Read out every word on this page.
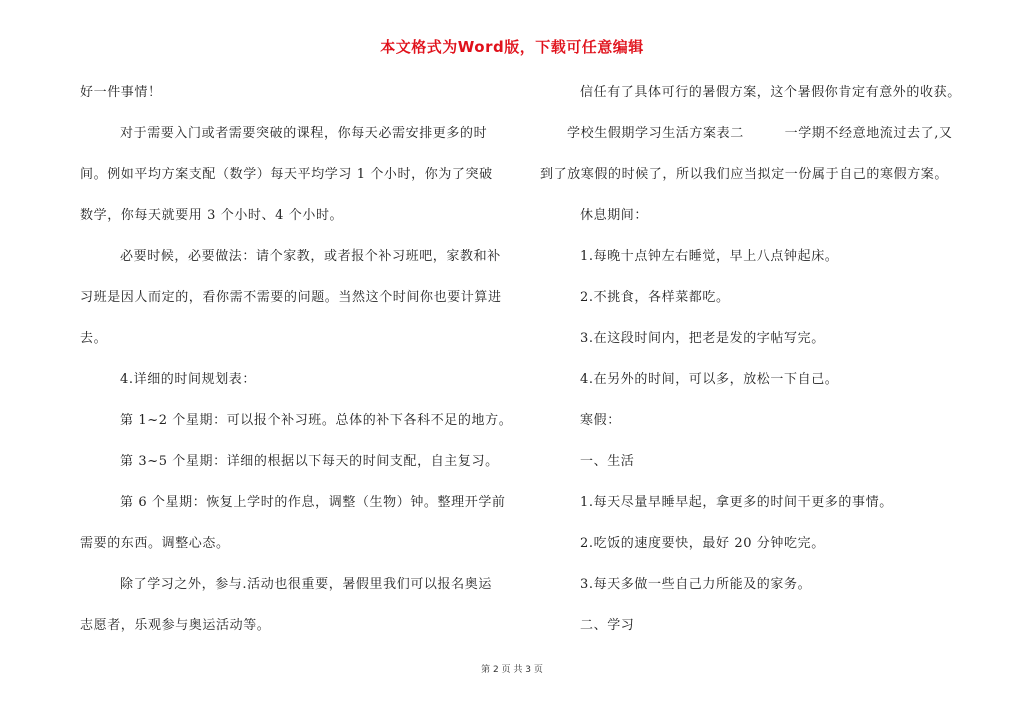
本文格式为Word版，下载可任意编辑
好一件事情！
对于需要入门或者需要突破的课程，你每天必需安排更多的时
间。例如平均方案支配（数学）每天平均学习 1 个小时，你为了突破
数学，你每天就要用 3 个小时、4 个小时。
必要时候，必要做法：请个家教，或者报个补习班吧，家教和补
习班是因人而定的，看你需不需要的问题。当然这个时间你也要计算进
去。
4.详细的时间规划表：
第 1~2 个星期：可以报个补习班。总体的补下各科不足的地方。
第 3~5 个星期：详细的根据以下每天的时间支配，自主复习。
第 6 个星期：恢复上学时的作息，调整（生物）钟。整理开学前
需要的东西。调整心态。
除了学习之外，参与.活动也很重要，暑假里我们可以报名奥运
志愿者，乐观参与奥运活动等。
信任有了具体可行的暑假方案，这个暑假你肯定有意外的收获。
学校生假期学习生活方案表二　　　一学期不经意地流过去了,又
到了放寒假的时候了，所以我们应当拟定一份属于自己的寒假方案。
休息期间：
1.每晚十点钟左右睡觉，早上八点钟起床。
2.不挑食，各样菜都吃。
3.在这段时间内，把老是发的字帖写完。
4.在另外的时间，可以多，放松一下自己。
寒假：
一、生活
1.每天尽量早睡早起，拿更多的时间干更多的事情。
2.吃饭的速度要快，最好 20 分钟吃完。
3.每天多做一些自己力所能及的家务。
二、学习
第 2 页 共 3 页
